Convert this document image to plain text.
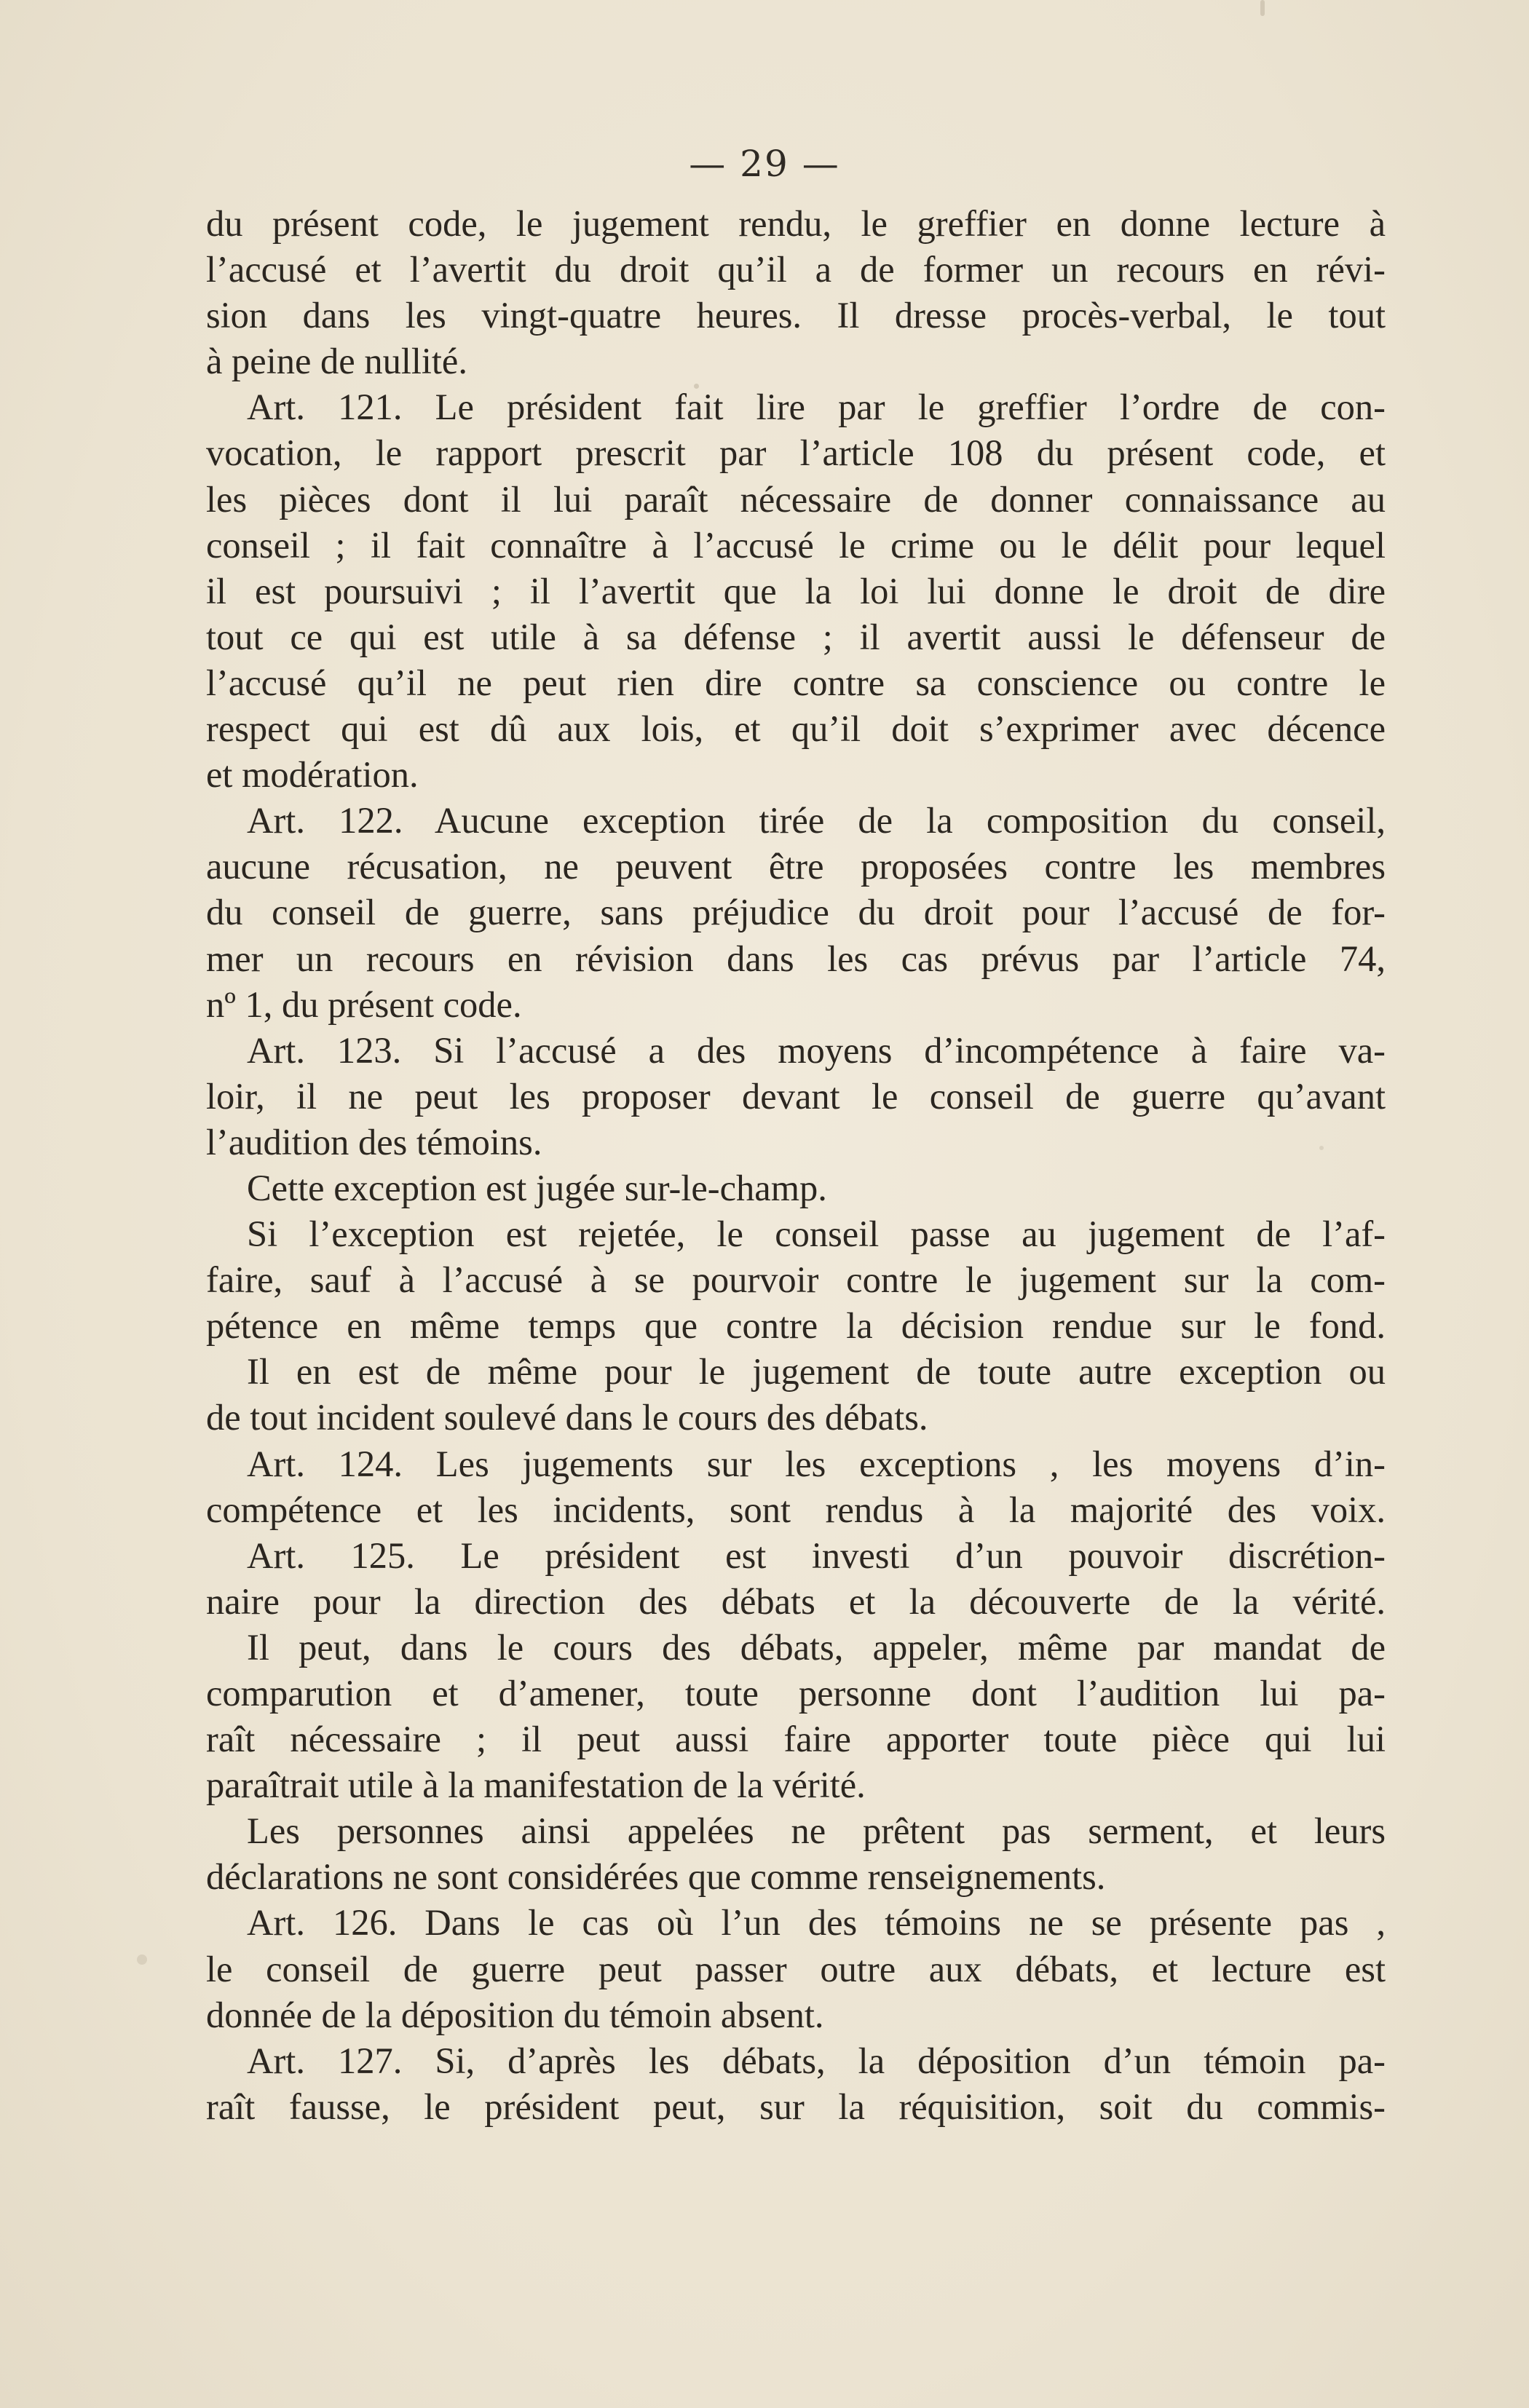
— 29 —
du présent code, le jugement rendu, le greffier en donne lecture à
l’accusé et l’avertit du droit qu’il a de former un recours en révi-
sion dans les vingt-quatre heures. Il dresse procès-verbal, le tout
à peine de nullité.
Art. 121. Le président fait lire par le greffier l’ordre de con-
vocation, le rapport prescrit par l’article 108 du présent code, et
les pièces dont il lui paraît nécessaire de donner connaissance au
conseil ; il fait connaître à l’accusé le crime ou le délit pour lequel
il est poursuivi ; il l’avertit que la loi lui donne le droit de dire
tout ce qui est utile à sa défense ; il avertit aussi le défenseur de
l’accusé qu’il ne peut rien dire contre sa conscience ou contre le
respect qui est dû aux lois, et qu’il doit s’exprimer avec décence
et modération.
Art. 122. Aucune exception tirée de la composition du conseil,
aucune récusation, ne peuvent être proposées contre les membres
du conseil de guerre, sans préjudice du droit pour l’accusé de for-
mer un recours en révision dans les cas prévus par l’article 74,
nº 1, du présent code.
Art. 123. Si l’accusé a des moyens d’incompétence à faire va-
loir, il ne peut les proposer devant le conseil de guerre qu’avant
l’audition des témoins.
Cette exception est jugée sur-le-champ.
Si l’exception est rejetée, le conseil passe au jugement de l’af-
faire, sauf à l’accusé à se pourvoir contre le jugement sur la com-
pétence en même temps que contre la décision rendue sur le fond.
Il en est de même pour le jugement de toute autre exception ou
de tout incident soulevé dans le cours des débats.
Art. 124. Les jugements sur les exceptions , les moyens d’in-
compétence et les incidents, sont rendus à la majorité des voix.
Art. 125. Le président est investi d’un pouvoir discrétion-
naire pour la direction des débats et la découverte de la vérité.
Il peut, dans le cours des débats, appeler, même par mandat de
comparution et d’amener, toute personne dont l’audition lui pa-
raît nécessaire ; il peut aussi faire apporter toute pièce qui lui
paraîtrait utile à la manifestation de la vérité.
Les personnes ainsi appelées ne prêtent pas serment, et leurs
déclarations ne sont considérées que comme renseignements.
Art. 126. Dans le cas où l’un des témoins ne se présente pas ,
le conseil de guerre peut passer outre aux débats, et lecture est
donnée de la déposition du témoin absent.
Art. 127. Si, d’après les débats, la déposition d’un témoin pa-
raît fausse, le président peut, sur la réquisition, soit du commis-
